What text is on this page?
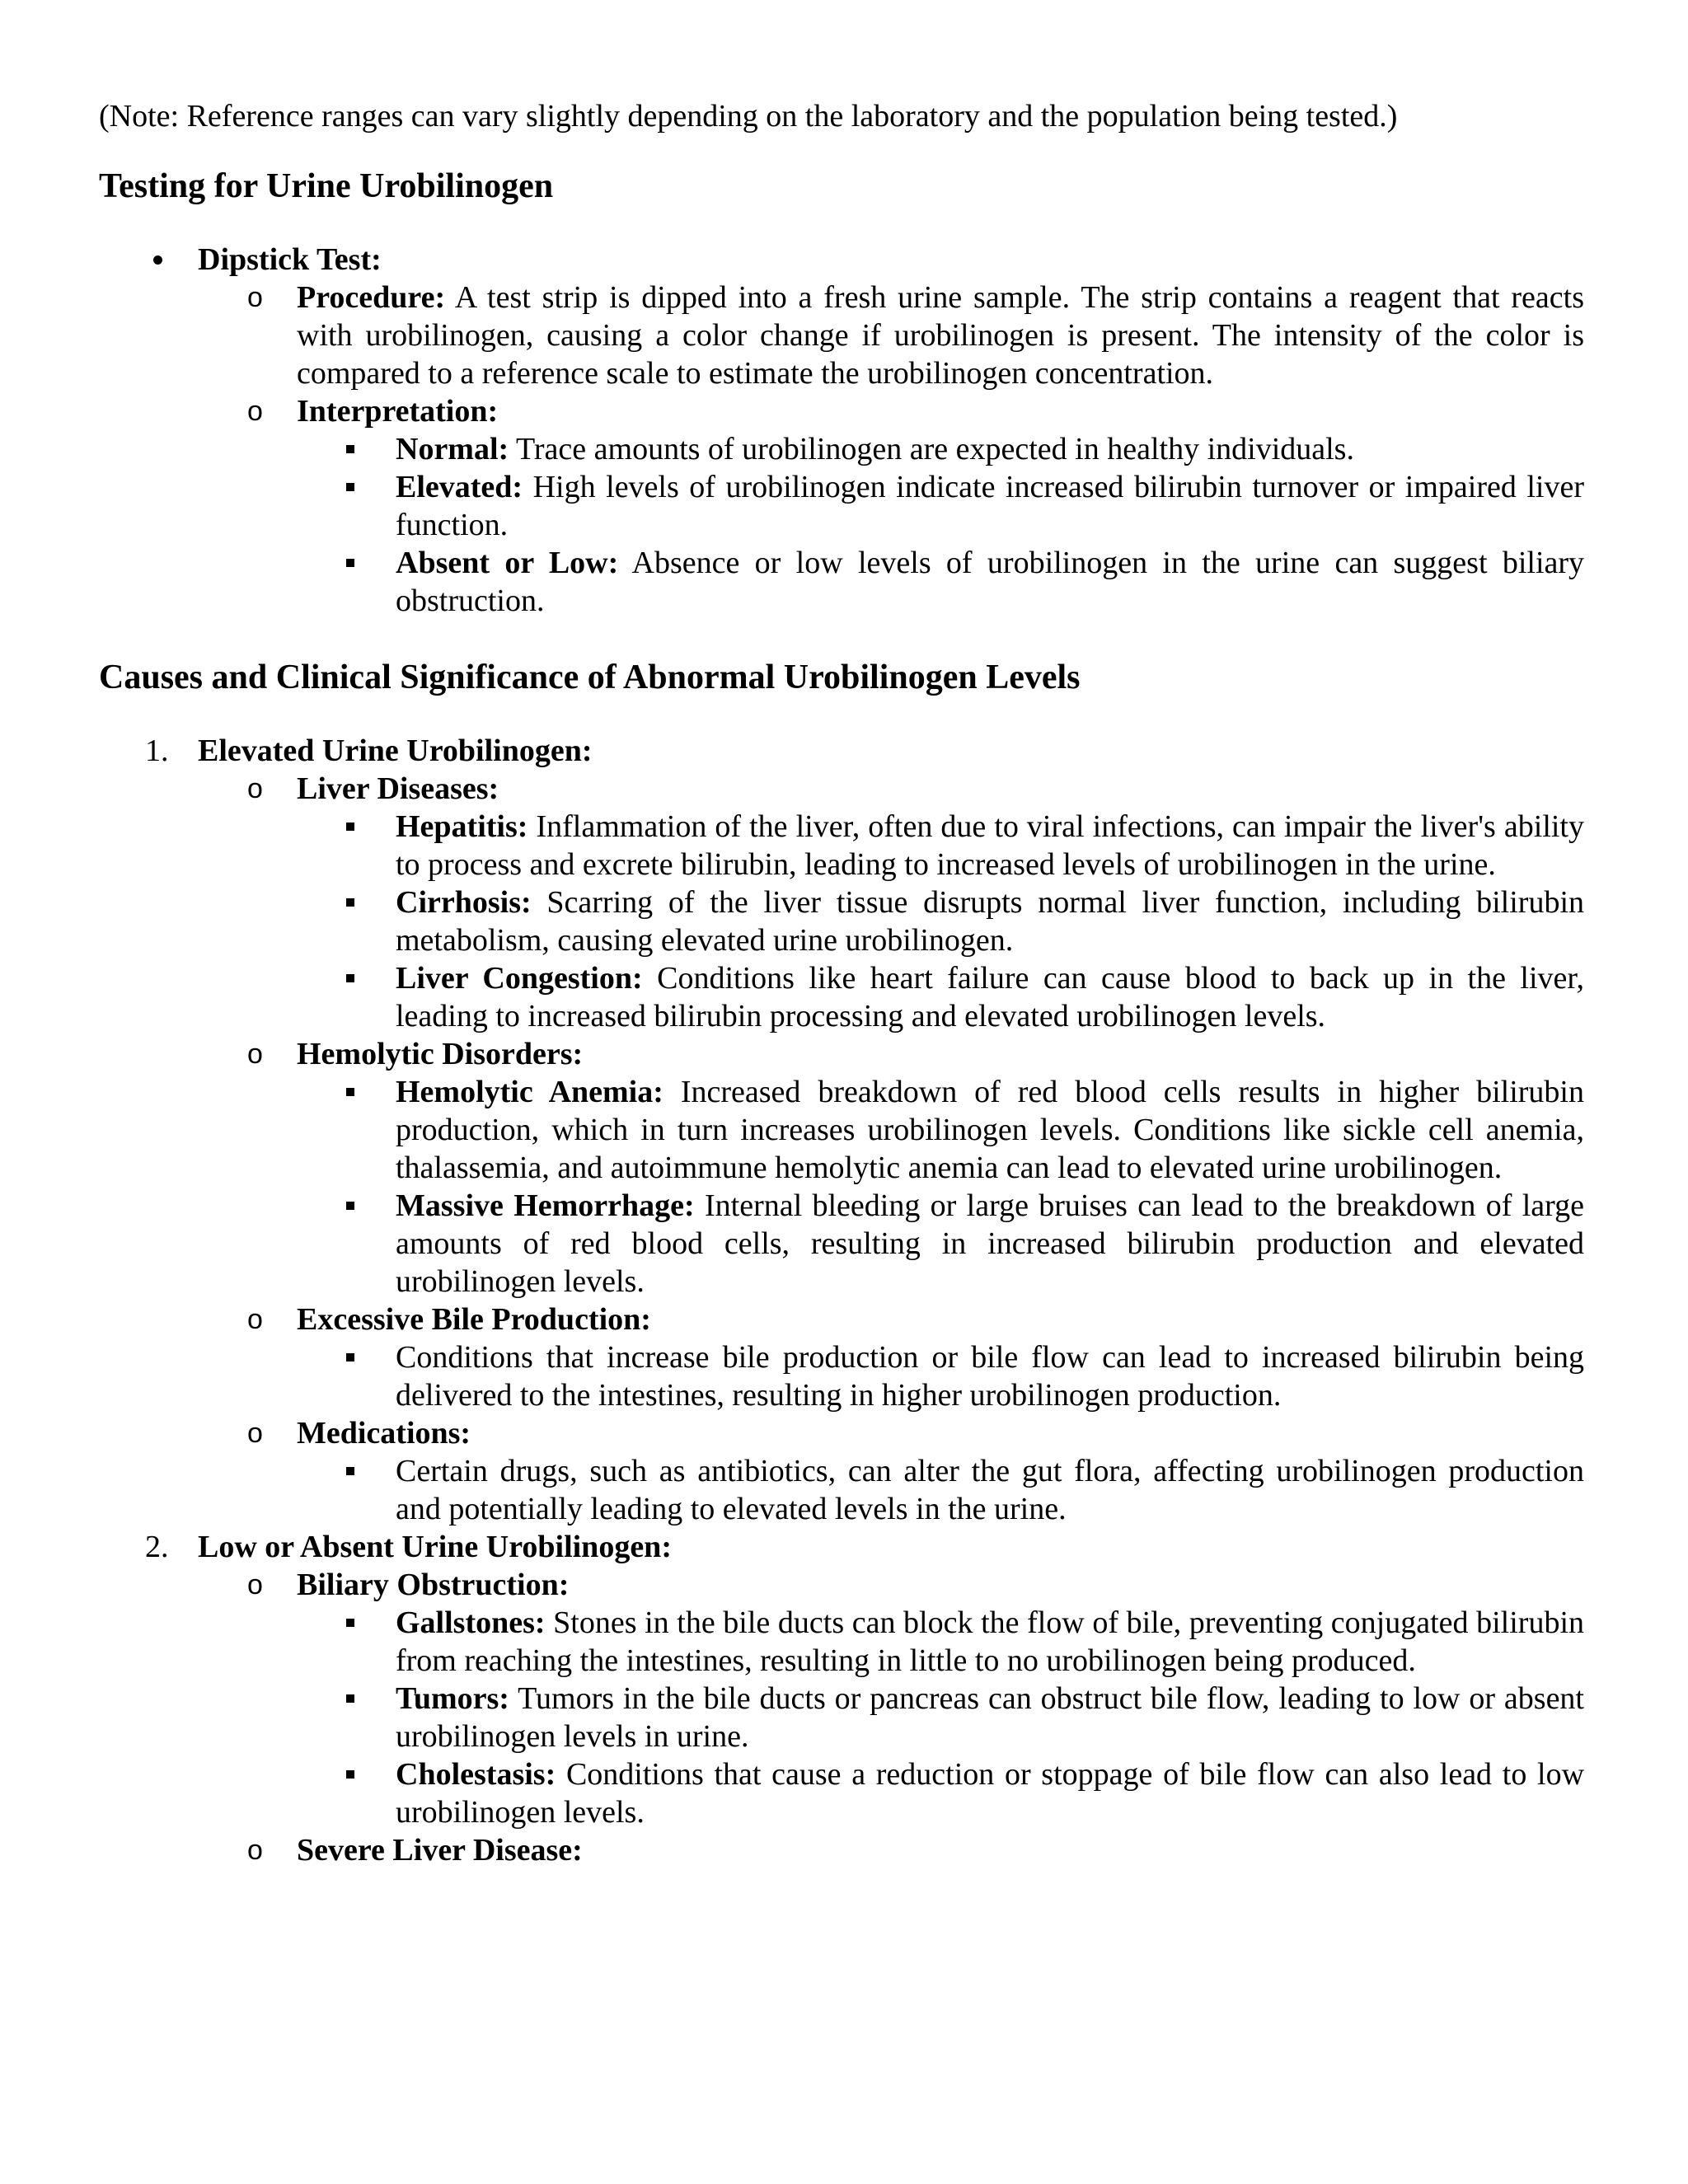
(Note: Reference ranges can vary slightly depending on the laboratory and the population being tested.)

Testing for Urine Urobilinogen
Dipstick Test:
o Procedure: A test strip is dipped into a fresh urine sample. The strip contains a reagent that reacts with urobilinogen, causing a color change if urobilinogen is present. The intensity of the color is compared to a reference scale to estimate the urobilinogen concentration.
o Interpretation:
Normal: Trace amounts of urobilinogen are expected in healthy individuals.
Elevated: High levels of urobilinogen indicate increased bilirubin turnover or impaired liver function.
Absent or Low: Absence or low levels of urobilinogen in the urine can suggest biliary obstruction.
Causes and Clinical Significance of Abnormal Urobilinogen Levels
1. Elevated Urine Urobilinogen:
o Liver Diseases:
Hepatitis: Inflammation of the liver, often due to viral infections, can impair the liver's ability to process and excrete bilirubin, leading to increased levels of urobilinogen in the urine.
Cirrhosis: Scarring of the liver tissue disrupts normal liver function, including bilirubin metabolism, causing elevated urine urobilinogen.
Liver Congestion: Conditions like heart failure can cause blood to back up in the liver, leading to increased bilirubin processing and elevated urobilinogen levels.
o Hemolytic Disorders:
Hemolytic Anemia: Increased breakdown of red blood cells results in higher bilirubin production, which in turn increases urobilinogen levels. Conditions like sickle cell anemia, thalassemia, and autoimmune hemolytic anemia can lead to elevated urine urobilinogen.
Massive Hemorrhage: Internal bleeding or large bruises can lead to the breakdown of large amounts of red blood cells, resulting in increased bilirubin production and elevated urobilinogen levels.
o Excessive Bile Production:
Conditions that increase bile production or bile flow can lead to increased bilirubin being delivered to the intestines, resulting in higher urobilinogen production.
o Medications:
Certain drugs, such as antibiotics, can alter the gut flora, affecting urobilinogen production and potentially leading to elevated levels in the urine.
2. Low or Absent Urine Urobilinogen:
o Biliary Obstruction:
Gallstones: Stones in the bile ducts can block the flow of bile, preventing conjugated bilirubin from reaching the intestines, resulting in little to no urobilinogen being produced.
Tumors: Tumors in the bile ducts or pancreas can obstruct bile flow, leading to low or absent urobilinogen levels in urine.
Cholestasis: Conditions that cause a reduction or stoppage of bile flow can also lead to low urobilinogen levels.
o Severe Liver Disease:
